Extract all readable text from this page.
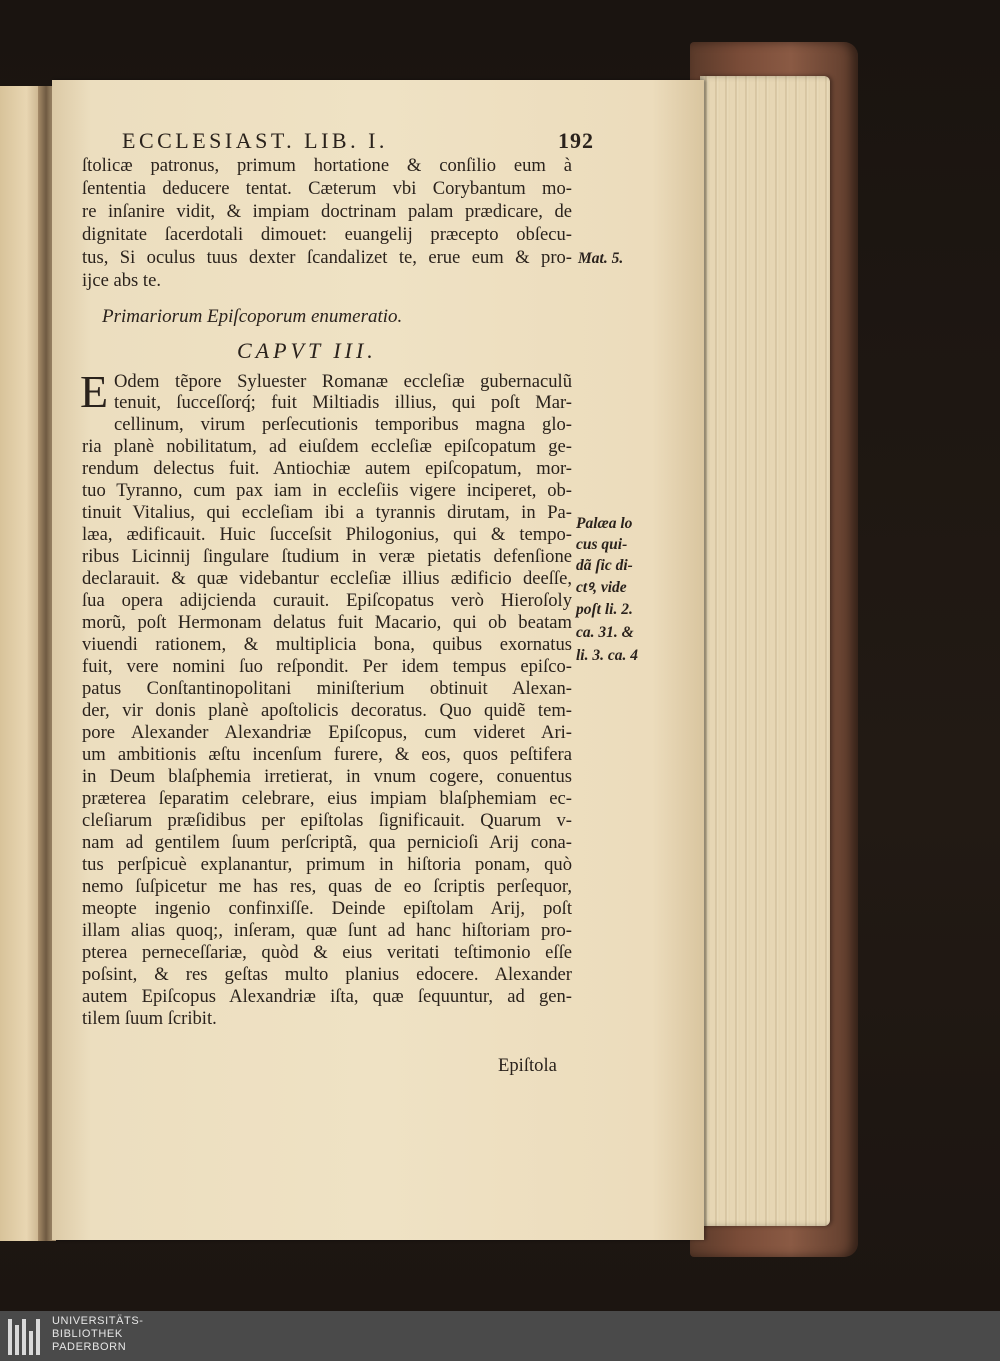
ECCLESIAST. LIB. I.	192
ſtolicæ patronus, primum hortatione & conſilio eum à
ſententia deducere tentat. Cæterum vbi Corybantum mo-
re inſanire vidit, & impiam doctrinam palam prædicare, de
dignitate ſacerdotali dimouet: euangelij præcepto obſecu-
tus, Si oculus tuus dexter ſcandalizet te, erue eum & pro-
ijce abs te.
Primariorum Epiſcoporum enumeratio.
CAPVT III.
E Odem tẽpore Syluester Romanæ eccleſiæ gubernaculũ
tenuit, ſucceſſorq́; fuit Miltiadis illius, qui poſt Mar-
cellinum, virum perſecutionis temporibus magna glo-
ria planè nobilitatum, ad eiuſdem eccleſiæ epiſcopatum ge-
rendum delectus fuit. Antiochiæ autem epiſcopatum, mor-
tuo Tyranno, cum pax iam in eccleſiis vigere inciperet, ob-
tinuit Vitalius, qui eccleſiam ibi a tyrannis dirutam, in Pa-
læa, ædificauit. Huic ſucceſsit Philogonius, qui & tempo-
ribus Licinnij ſingulare ſtudium in veræ pietatis defenſione
declarauit. & quæ videbantur eccleſiæ illius ædificio deeſſe,
ſua opera adijcienda curauit. Epiſcopatus verò Hieroſoly
morũ, poſt Hermonam delatus fuit Macario, qui ob beatam
viuendi rationem, & multiplicia bona, quibus exornatus
fuit, vere nomini ſuo reſpondit. Per idem tempus epiſco-
patus Conſtantinopolitani miniſterium obtinuit Alexan-
der, vir donis planè apoſtolicis decoratus. Quo quidẽ tem-
pore Alexander Alexandriæ Epiſcopus, cum videret Ari-
um ambitionis æſtu incenſum furere, & eos, quos peſtifera
in Deum blaſphemia irretierat, in vnum cogere, conuentus
præterea ſeparatim celebrare, eius impiam blaſphemiam ec-
cleſiarum præſidibus per epiſtolas ſignificauit. Quarum v-
nam ad gentilem ſuum perſcriptã, qua pernicioſi Arij cona-
tus perſpicuè explanantur, primum in hiſtoria ponam, quò
nemo ſuſpicetur me has res, quas de eo ſcriptis perſequor,
meopte ingenio confinxiſſe. Deinde epiſtolam Arij, poſt
illam alias quoq;, inſeram, quæ ſunt ad hanc hiſtoriam pro-
pterea perneceſſariæ, quòd & eius veritati teſtimonio eſſe
poſsint, & res geſtas multo planius edocere. Alexander
autem Epiſcopus Alexandriæ iſta, quæ ſequuntur, ad gen-
tilem ſuum ſcribit.
Mat. 5.
Palæa lo
cus qui-
dã ſic di-
ctꝰ, vide
poſt li. 2.
ca. 31. &
li. 3. ca. 4
Epiſtola
UNIVERSITÄTS-
BIBLIOTHEK
PADERBORN
